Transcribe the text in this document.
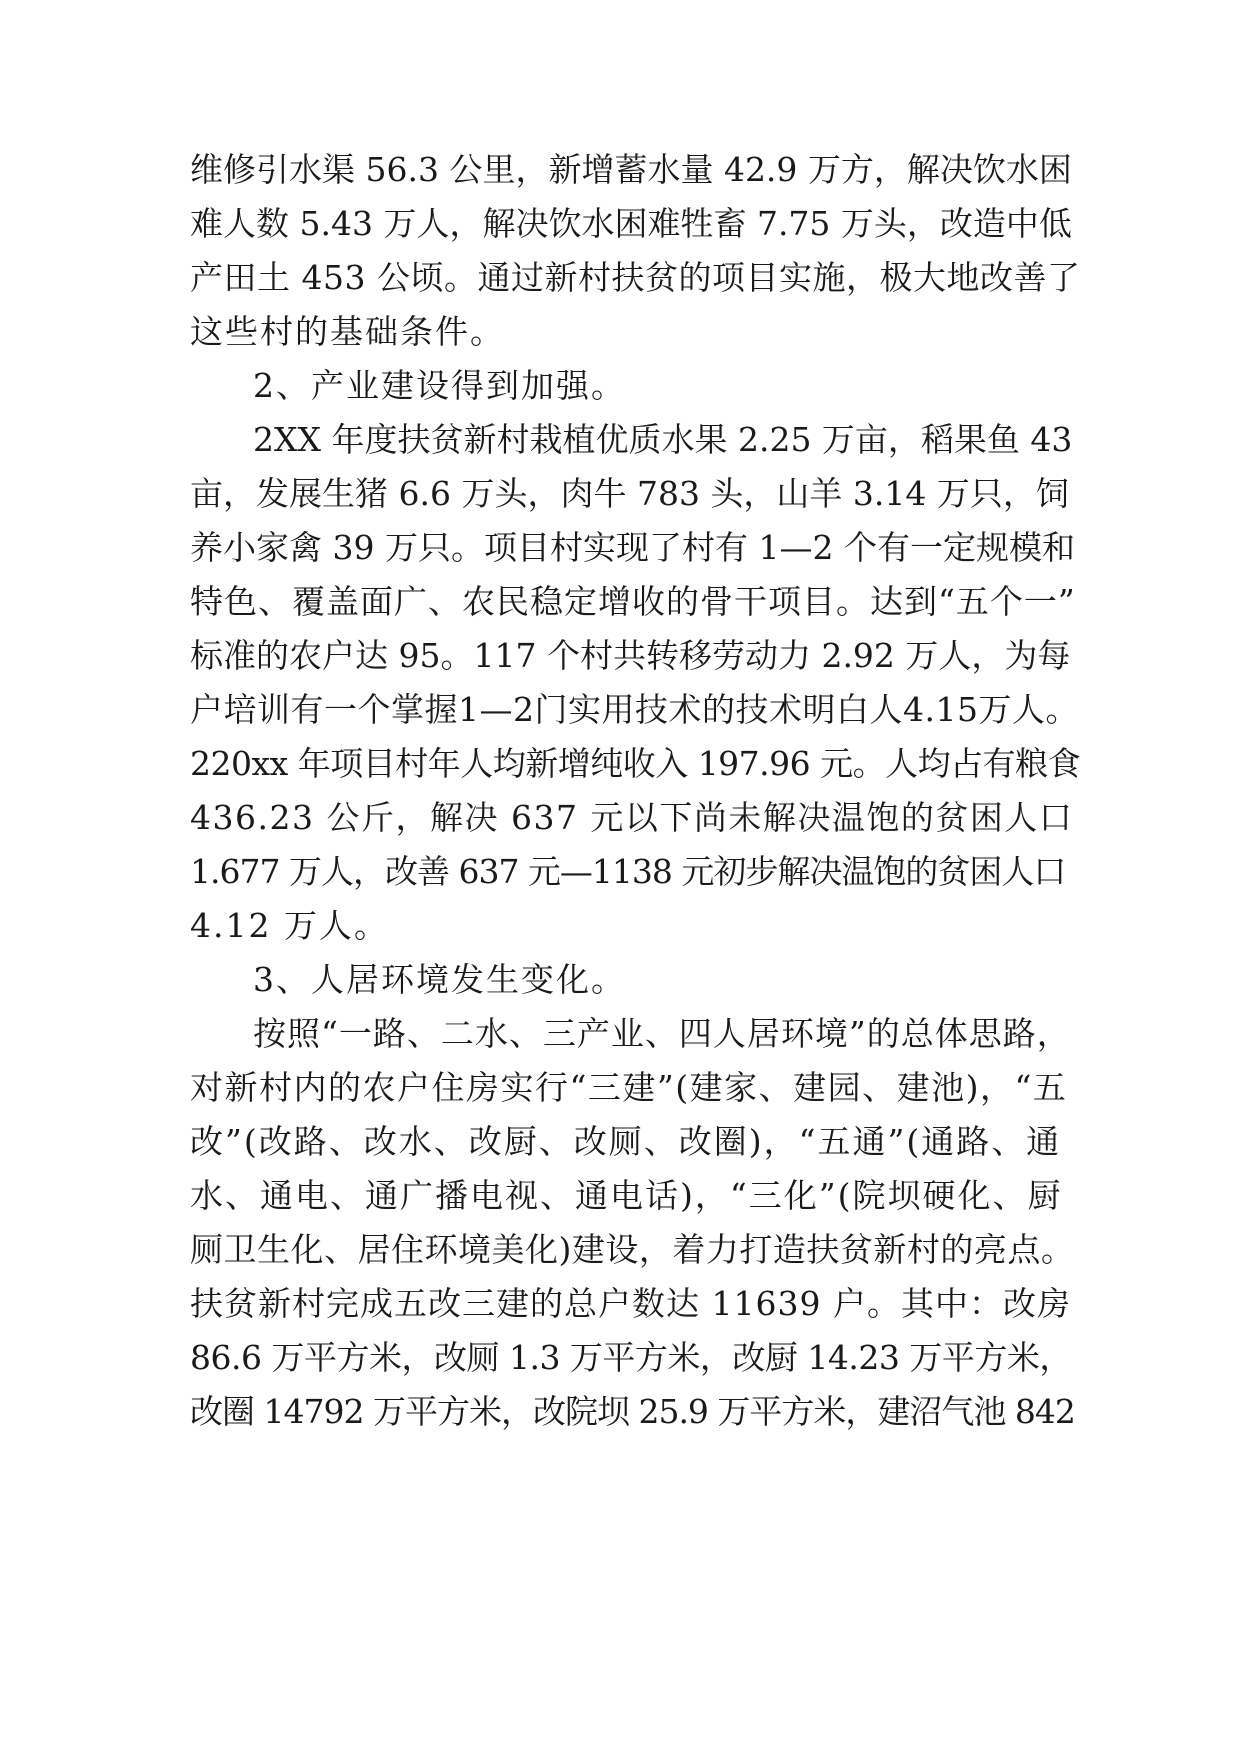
维修引水渠 56.3 公里，新增蓄水量 42.9 万方，解决饮水困
难人数 5.43 万人，解决饮水困难牲畜 7.75 万头，改造中低
产田土 453 公顷。通过新村扶贫的项目实施，极大地改善了
这些村的基础条件。
2、产业建设得到加强。
2XX 年度扶贫新村栽植优质水果 2.25 万亩，稻果鱼 43
亩，发展生猪 6.6 万头，肉牛 783 头，山羊 3.14 万只，饲
养小家禽 39 万只。项目村实现了村有 1—2 个有一定规模和
特色、覆盖面广、农民稳定增收的骨干项目。达到“五个一”
标准的农户达 95。117 个村共转移劳动力 2.92 万人，为每
户培训有一个掌握1—2门实用技术的技术明白人4.15万人。
220xx 年项目村年人均新增纯收入 197.96 元。人均占有粮食
436.23 公斤，解决 637 元以下尚未解决温饱的贫困人口
1.677 万人，改善 637 元—1138 元初步解决温饱的贫困人口
4.12 万人。
3、人居环境发生变化。
按照“一路、二水、三产业、四人居环境”的总体思路，
对新村内的农户住房实行“三建”(建家、建园、建池)，“五
改”(改路、改水、改厨、改厕、改圈)，“五通”(通路、通
水、通电、通广播电视、通电话)，“三化”(院坝硬化、厨
厕卫生化、居住环境美化)建设，着力打造扶贫新村的亮点。
扶贫新村完成五改三建的总户数达 11639 户。其中：改房
86.6 万平方米，改厕 1.3 万平方米，改厨 14.23 万平方米，
改圈 14792 万平方米，改院坝 25.9 万平方米，建沼气池 842
